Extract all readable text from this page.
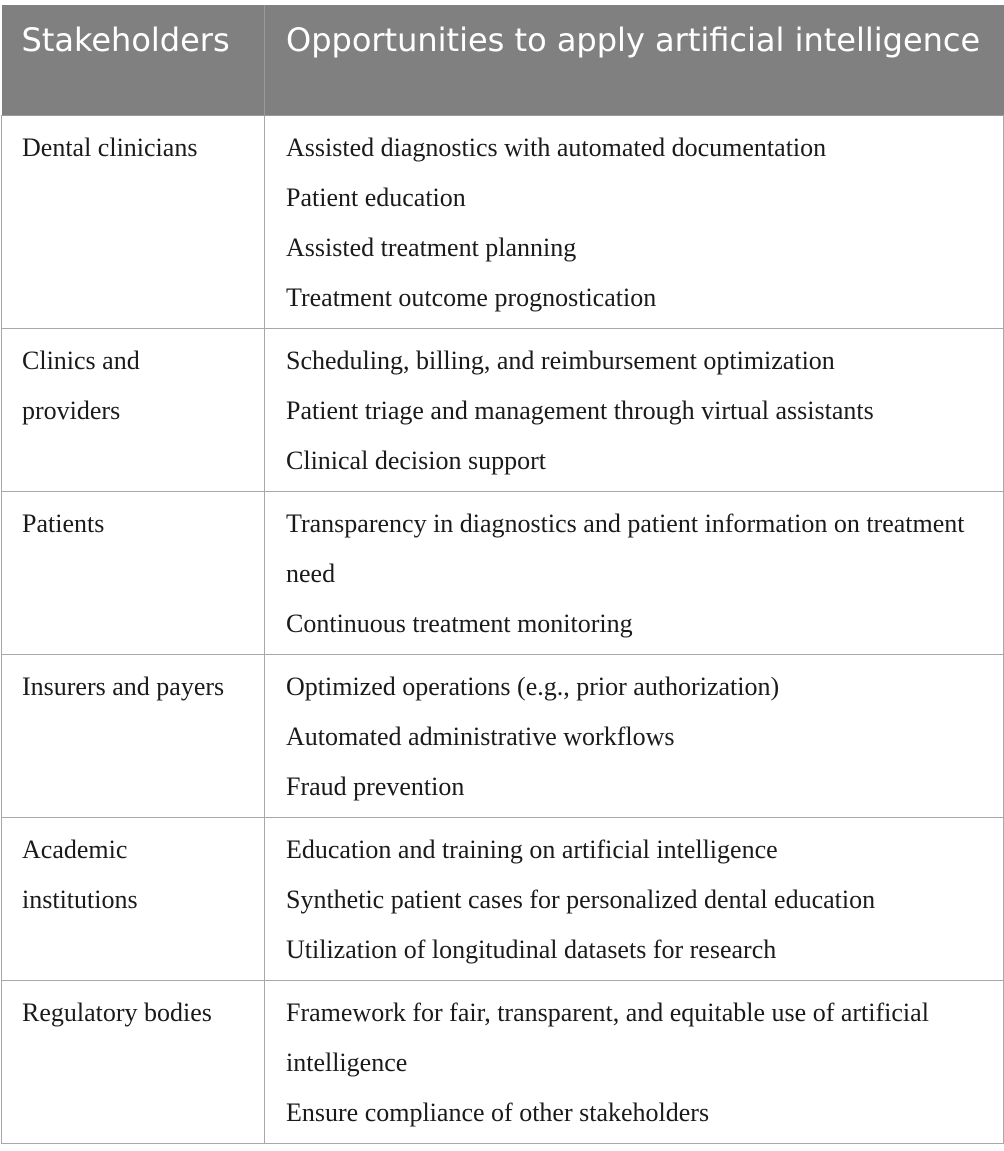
Stakeholders	Opportunities to apply artificial intelligence

Dental clinicians	Assisted diagnostics with automated documentation
Patient education
Assisted treatment planning
Treatment outcome prognostication

Clinics and providers	Scheduling, billing, and reimbursement optimization
Patient triage and management through virtual assistants
Clinical decision support

Patients	Transparency in diagnostics and patient information on treatment need
Continuous treatment monitoring

Insurers and payers	Optimized operations (e.g., prior authorization)
Automated administrative workflows
Fraud prevention

Academic institutions	Education and training on artificial intelligence
Synthetic patient cases for personalized dental education
Utilization of longitudinal datasets for research

Regulatory bodies	Framework for fair, transparent, and equitable use of artificial intelligence
Ensure compliance of other stakeholders
